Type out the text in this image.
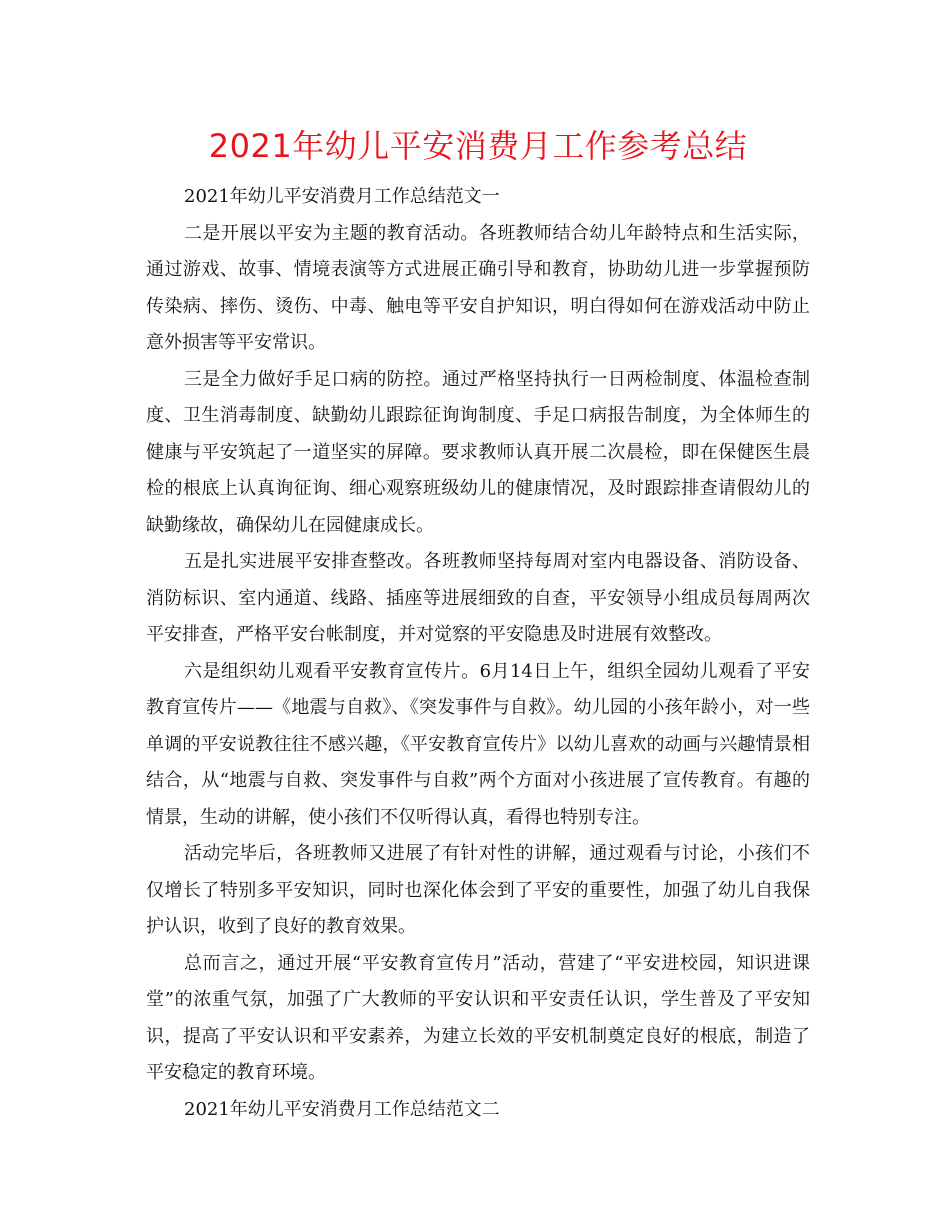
2021年幼儿平安消费月工作参考总结

2021年幼儿平安消费月工作总结范文一

二是开展以平安为主题的教育活动。各班教师结合幼儿年龄特点和生活实际，通过游戏、故事、情境表演等方式进展正确引导和教育，协助幼儿进一步掌握预防传染病、摔伤、烫伤、中毒、触电等平安自护知识，明白得如何在游戏活动中防止意外损害等平安常识。

三是全力做好手足口病的防控。通过严格坚持执行一日两检制度、体温检查制度、卫生消毒制度、缺勤幼儿跟踪征询询制度、手足口病报告制度，为全体师生的健康与平安筑起了一道坚实的屏障。要求教师认真开展二次晨检，即在保健医生晨检的根底上认真询征询、细心观察班级幼儿的健康情况，及时跟踪排查请假幼儿的缺勤缘故，确保幼儿在园健康成长。

五是扎实进展平安排查整改。各班教师坚持每周对室内电器设备、消防设备、消防标识、室内通道、线路、插座等进展细致的自查，平安领导小组成员每周两次平安排查，严格平安台帐制度，并对觉察的平安隐患及时进展有效整改。

六是组织幼儿观看平安教育宣传片。6月14日上午，组织全园幼儿观看了平安教育宣传片——《地震与自救》、《突发事件与自救》。幼儿园的小孩年龄小，对一些单调的平安说教往往不感兴趣，《平安教育宣传片》以幼儿喜欢的动画与兴趣情景相结合，从“地震与自救、突发事件与自救”两个方面对小孩进展了宣传教育。有趣的情景，生动的讲解，使小孩们不仅听得认真，看得也特别专注。

活动完毕后，各班教师又进展了有针对性的讲解，通过观看与讨论，小孩们不仅增长了特别多平安知识，同时也深化体会到了平安的重要性，加强了幼儿自我保护认识，收到了良好的教育效果。

总而言之，通过开展“平安教育宣传月”活动，营建了“平安进校园，知识进课堂”的浓重气氛，加强了广大教师的平安认识和平安责任认识，学生普及了平安知识，提高了平安认识和平安素养，为建立长效的平安机制奠定良好的根底，制造了平安稳定的教育环境。

2021年幼儿平安消费月工作总结范文二
